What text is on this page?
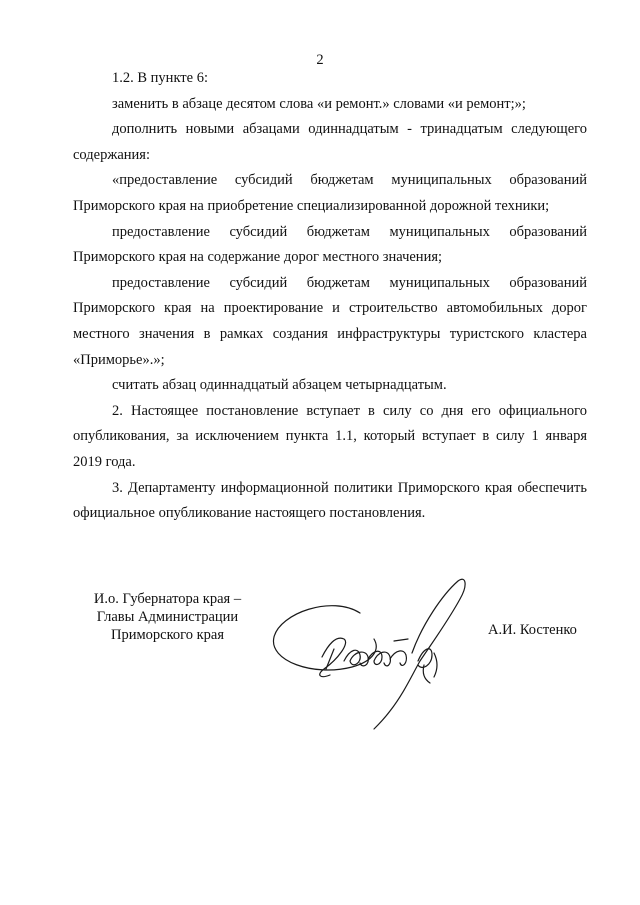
2

1.2. В пункте 6:

заменить в абзаце десятом слова «и ремонт.» словами «и ремонт;»;

дополнить новыми абзацами одиннадцатым - тринадцатым следующего содержания:

«предоставление субсидий бюджетам муниципальных образований Приморского края на приобретение специализированной дорожной техники;

предоставление субсидий бюджетам муниципальных образований Приморского края на содержание дорог местного значения;

предоставление субсидий бюджетам муниципальных образований Приморского края на проектирование и строительство автомобильных дорог местного значения в рамках создания инфраструктуры туристского кластера «Приморье».»;

считать абзац одиннадцатый абзацем четырнадцатым.

2. Настоящее постановление вступает в силу со дня его официального опубликования, за исключением пункта 1.1, который вступает в силу 1 января 2019 года.

3. Департаменту информационной политики Приморского края обеспечить официальное опубликование настоящего постановления.

И.о. Губернатора края –
Главы Администрации
Приморского края	А.И. Костенко
